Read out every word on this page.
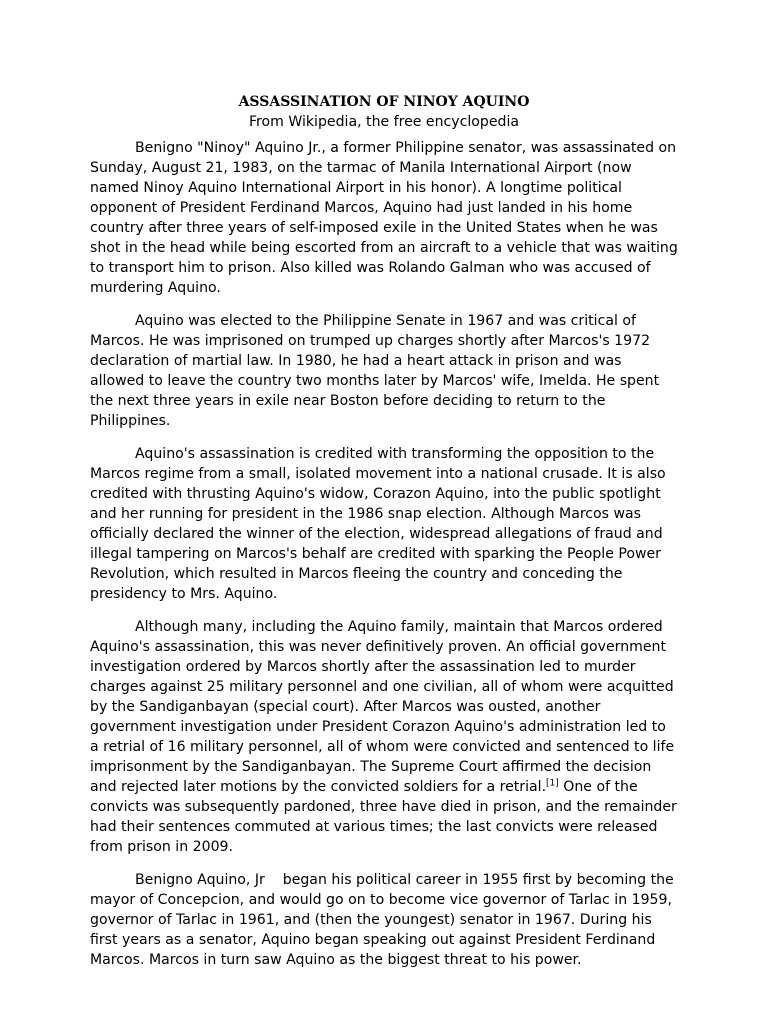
ASSASSINATION OF NINOY AQUINO

From Wikipedia, the free encyclopedia

Benigno "Ninoy" Aquino Jr., a former Philippine senator, was assassinated on Sunday, August 21, 1983, on the tarmac of Manila International Airport (now named Ninoy Aquino International Airport in his honor). A longtime political opponent of President Ferdinand Marcos, Aquino had just landed in his home country after three years of self-imposed exile in the United States when he was shot in the head while being escorted from an aircraft to a vehicle that was waiting to transport him to prison. Also killed was Rolando Galman who was accused of murdering Aquino.

Aquino was elected to the Philippine Senate in 1967 and was critical of Marcos. He was imprisoned on trumped up charges shortly after Marcos's 1972 declaration of martial law. In 1980, he had a heart attack in prison and was allowed to leave the country two months later by Marcos' wife, Imelda. He spent the next three years in exile near Boston before deciding to return to the Philippines.

Aquino's assassination is credited with transforming the opposition to the Marcos regime from a small, isolated movement into a national crusade. It is also credited with thrusting Aquino's widow, Corazon Aquino, into the public spotlight and her running for president in the 1986 snap election. Although Marcos was officially declared the winner of the election, widespread allegations of fraud and illegal tampering on Marcos's behalf are credited with sparking the People Power Revolution, which resulted in Marcos fleeing the country and conceding the presidency to Mrs. Aquino.

Although many, including the Aquino family, maintain that Marcos ordered Aquino's assassination, this was never definitively proven. An official government investigation ordered by Marcos shortly after the assassination led to murder charges against 25 military personnel and one civilian, all of whom were acquitted by the Sandiganbayan (special court). After Marcos was ousted, another government investigation under President Corazon Aquino's administration led to a retrial of 16 military personnel, all of whom were convicted and sentenced to life imprisonment by the Sandiganbayan. The Supreme Court affirmed the decision and rejected later motions by the convicted soldiers for a retrial.[1] One of the convicts was subsequently pardoned, three have died in prison, and the remainder had their sentences commuted at various times; the last convicts were released from prison in 2009.

Benigno Aquino, Jr    began his political career in 1955 first by becoming the mayor of Concepcion, and would go on to become vice governor of Tarlac in 1959, governor of Tarlac in 1961, and (then the youngest) senator in 1967. During his first years as a senator, Aquino began speaking out against President Ferdinand Marcos. Marcos in turn saw Aquino as the biggest threat to his power.
